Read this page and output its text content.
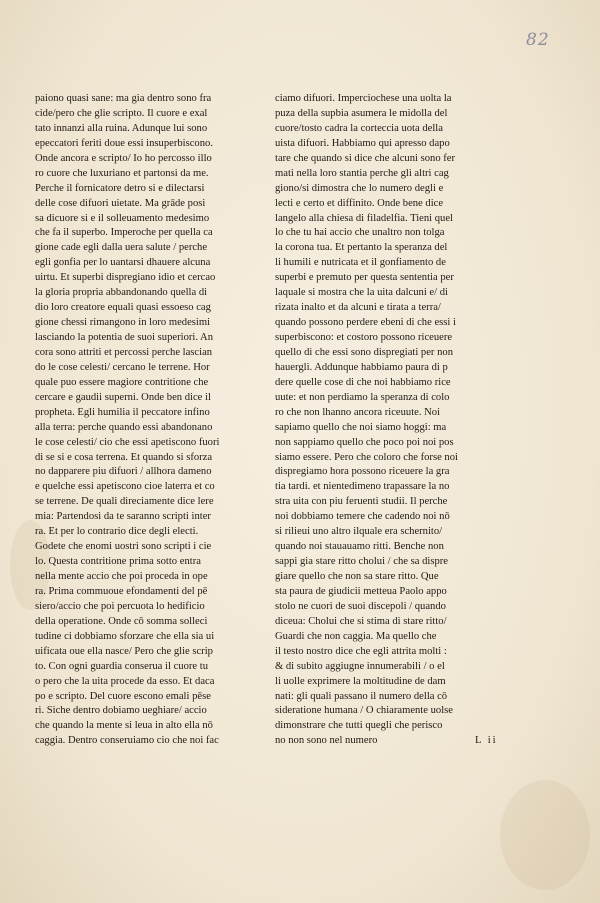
82
paiono quasi sane: ma gia dentro sono fra
cide/pero che glie scripto. Il cuore e exal
tato innanzi alla ruina. Adunque lui sono
epeccatori feriti doue essi insuperbiscono.
Onde ancora e scripto/ Io ho percosso illo
ro cuore che luxuriano et partonsi da me.
Perche il fornicatore detro si e dilectarsi
delle cose difuori uietate. Ma grāde posi
sa dicuore si e il solleuamento medesimo
che fa il superbo. Imperoche per quella ca
gione cade egli dalla uera salute / perche
egli gonfia per lo uantarsi dhauere alcuna
uirtu. Et superbi dispregiano idio et cercao
la gloria propria abbandonando quella di
dio loro creatore equali quasi essoeso cag
gione chessi rimangono in loro medesimi
lasciando la potentia de suoi superiori. An
cora sono attriti et percossi perche lascian
do le cose celesti/ cercano le terrene. Hor
quale puo essere magiore contritione che
cercare e gaudii superni. Onde ben dice il
propheta. Egli humilia il peccatore infino
alla terra: perche quando essi abandonano
le cose celesti/ cio che essi apetiscono fuori
di se si e cosa terrena. Et quando si sforza
no dapparere piu difuori / allhora dameno
e quelche essi apetiscono cioe laterra et co
se terrene. De quali direciamente dice lere
mia: Partendosi da te saranno scripti inter
ra. Et per lo contrario dice degli electi.
Godete che enomi uostri sono scripti i cie
lo. Questa contritione prima sotto entra
nella mente accio che poi proceda in ope
ra. Prima commuoue efondamenti del pē
siero/accio che poi percuota lo hedificio
della operatione. Onde cō somma solleci
tudine ci dobbiamo sforzare che ella sia ui
uificata oue ella nasce/ Pero che glie scrip
to. Con ogni guardia conserua il cuore tu
o pero che la uita procede da esso. Et daca
po e scripto. Del cuore escono emali pēse
ri. Siche dentro dobiamo ueghiare/ accio
che quando la mente si leua in alto ella nō
caggia. Dentro conseruiamo cio che noi fac
ciamo difuori. Imperciochese una uolta la
puza della supbia asumera le midolla del
cuore/tosto cadra la corteccia uota della
uista difuori. Habbiamo qui apresso dapo
tare che quando si dice che alcuni sono fer
mati nella loro stantia perche gli altri cag
giono/si dimostra che lo numero degli e
lecti e certo et diffinito. Onde bene dice
langelo alla chiesa di filadelfia. Tieni quel
lo che tu hai accio che unaltro non tolga
la corona tua. Et pertanto la speranza del
li humili e nutricata et il gonfiamento de
superbi e premuto per questa sententia per
laquale si mostra che la uita dalcuni e/ di
rizata inalto et da alcuni e tirata a terra/
quando possono perdere ebeni di che essi i
superbiscono: et costoro possono riceuere
quello di che essi sono dispregiati per non
hauergli. Addunque habbiamo paura di p
dere quelle cose di che noi habbiamo rice
uute: et non perdiamo la speranza di colo
ro che non lhanno ancora riceuute. Noi
sapiamo quello che noi siamo hoggi: ma
non sappiamo quello che poco poi noi pos
siamo essere. Pero che coloro che forse noi
dispregiamo hora possono riceuere la gra
tia tardi. et nientedimeno trapassare la no
stra uita con piu feruenti studii. Il perche
noi dobbiamo temere che cadendo noi nō
si rilieui uno altro ilquale era schernito/
quando noi stauauamo ritti. Benche non
sappi gia stare ritto cholui / che sa dispre
giare quello che non sa stare ritto. Que
sta paura de giudicii metteua Paolo appo
stolo ne cuori de suoi discepoli / quando
diceua: Cholui che si stima di stare ritto/
Guardi che non caggia. Ma quello che
il testo nostro dice che egli attrita molti :
& di subito aggiugne innumerabili / o el
li uolle exprimere la moltitudine de dam
nati: gli quali passano il numero della cō
sideratione humana / O chiaramente uolse
dimonstrare che tutti quegli che perisco
no non sono nel numero	L ii
